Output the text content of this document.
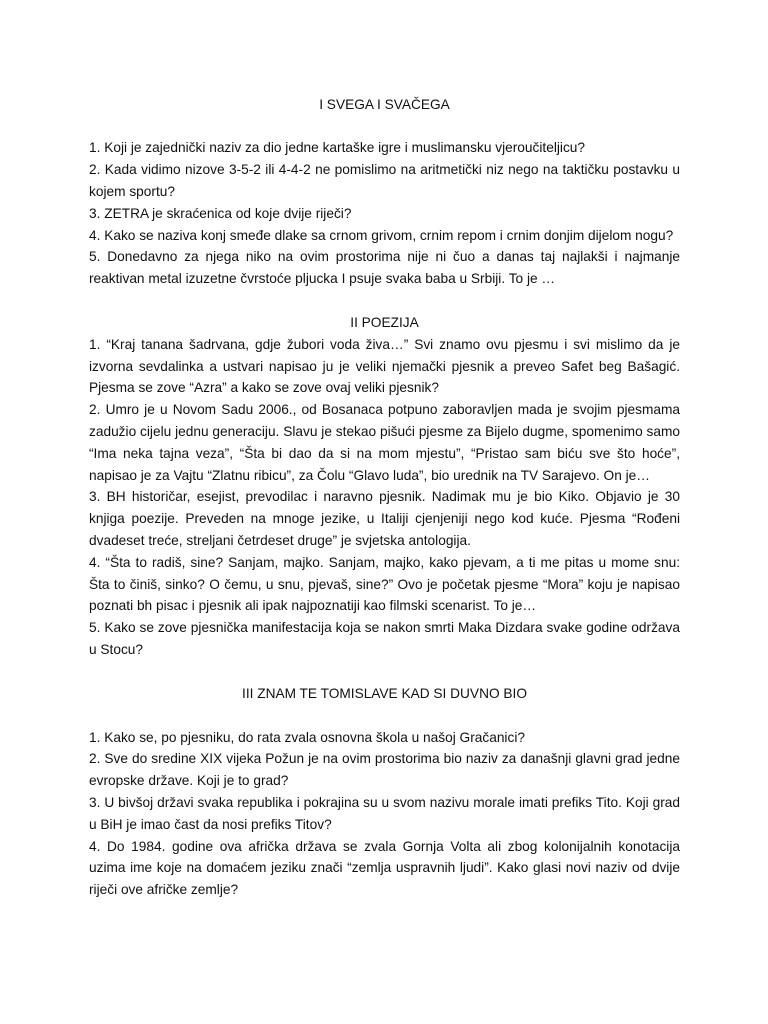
I SVEGA I SVAČEGA

1. Koji je zajednički naziv za dio jedne kartaške igre i muslimansku vjeroučiteljicu?

2. Kada vidimo nizove 3-5-2 ili 4-4-2 ne pomislimo na aritmetički niz nego na taktičku postavku u kojem sportu?

3. ZETRA je skraćenica od koje dvije riječi?

4. Kako se naziva konj smeđe dlake sa crnom grivom, crnim repom i crnim donjim dijelom nogu?

5. Donedavno za njega niko na ovim prostorima nije ni čuo a danas taj najlakši i najmanje reaktivan metal izuzetne čvrstoće pljucka I psuje svaka baba u Srbiji. To je …

II POEZIJA

1. “Kraj tanana šadrvana, gdje žubori voda živa…” Svi znamo ovu pjesmu i svi mislimo da je izvorna sevdalinka a ustvari napisao ju je veliki njemački pjesnik a preveo Safet beg Bašagić. Pjesma se zove “Azra” a kako se zove ovaj veliki pjesnik?

2. Umro je u Novom Sadu 2006., od Bosanaca potpuno zaboravljen mada je svojim pjesmama zadužio cijelu jednu generaciju. Slavu je stekao pišući pjesme za Bijelo dugme, spomenimo samo “Ima neka tajna veza”, “Šta bi dao da si na mom mjestu”, “Pristao sam biću sve što hoće”, napisao je za Vajtu “Zlatnu ribicu”, za Čolu “Glavo luda”, bio urednik na TV Sarajevo. On je…

3. BH historičar, esejist, prevodilac i naravno pjesnik. Nadimak mu je bio Kiko. Objavio je 30 knjiga poezije. Preveden na mnoge jezike, u Italiji cjenjeniji nego kod kuće. Pjesma “Rođeni dvadeset treće, streljani četrdeset druge” je svjetska antologija.

4. “Šta to radiš, sine? Sanjam, majko. Sanjam, majko, kako pjevam, a ti me pitas u mome snu: Šta to činiš, sinko? O čemu, u snu, pjevaš, sine?” Ovo je početak pjesme “Mora” koju je napisao poznati bh pisac i pjesnik ali ipak najpoznatiji kao filmski scenarist. To je…

5. Kako se zove pjesnička manifestacija koja se nakon smrti Maka Dizdara svake godine održava u Stocu?

III ZNAM TE TOMISLAVE KAD SI DUVNO BIO

1. Kako se, po pjesniku, do rata zvala osnovna škola u našoj Gračanici?

2. Sve do sredine XIX vijeka Požun je na ovim prostorima bio naziv za današnji glavni grad jedne evropske države. Koji je to grad?

3. U bivšoj državi svaka republika i pokrajina su u svom nazivu morale imati prefiks Tito. Koji grad u BiH je imao čast da nosi prefiks Titov?

4. Do 1984. godine ova afrička država se zvala Gornja Volta ali zbog kolonijalnih konotacija uzima ime koje na domaćem jeziku znači “zemlja uspravnih ljudi”. Kako glasi novi naziv od dvije riječi ove afričke zemlje?
